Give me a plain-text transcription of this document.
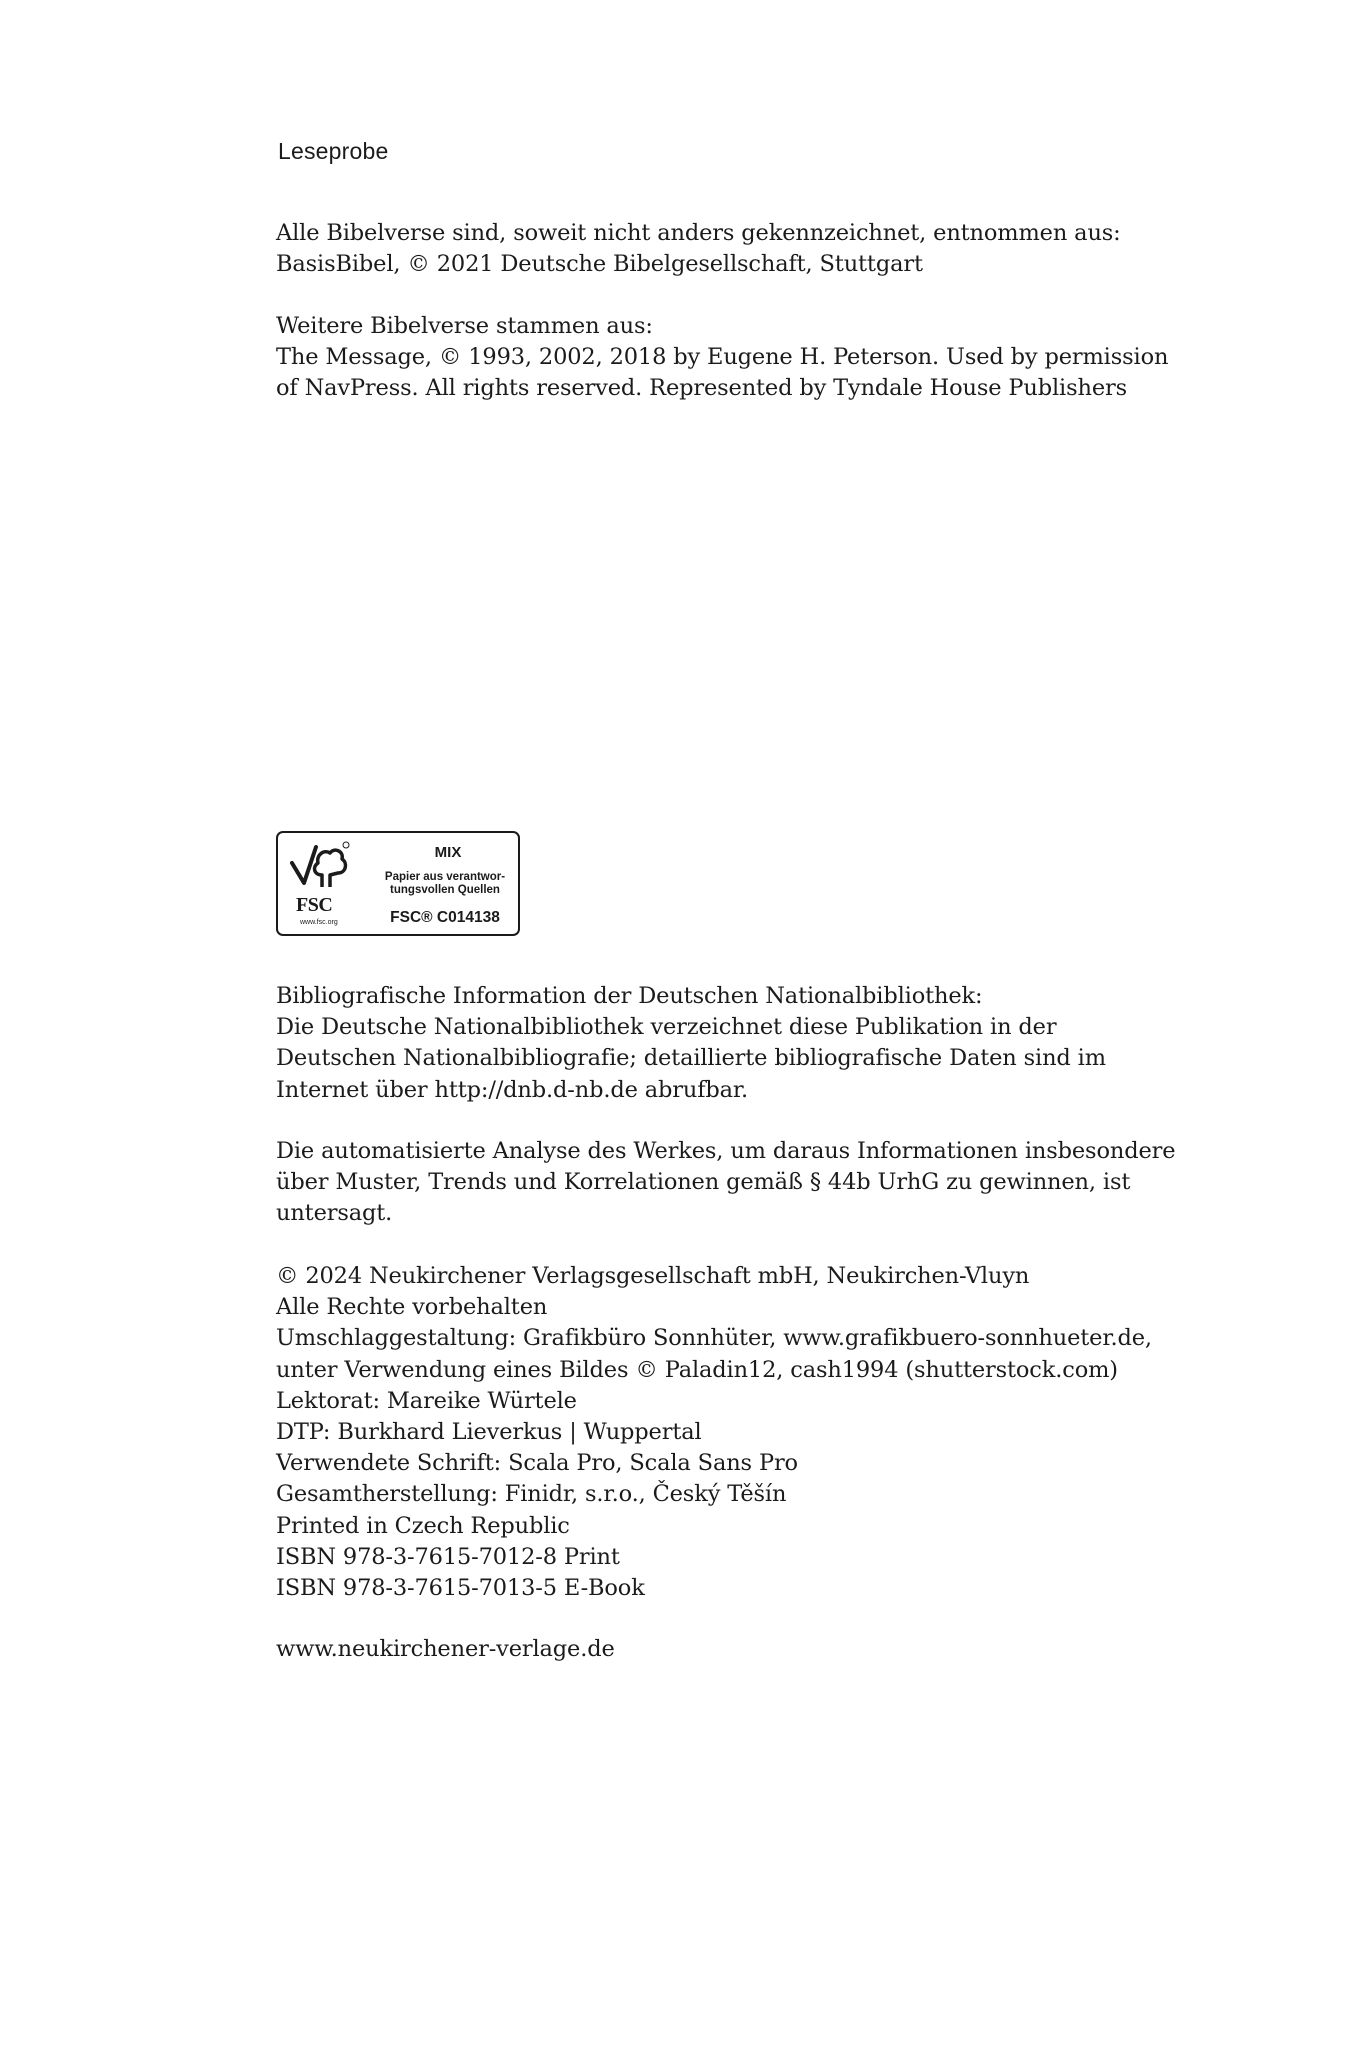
Leseprobe
Alle Bibelverse sind, soweit nicht anders gekennzeichnet, entnommen aus:
BasisBibel, © 2021 Deutsche Bibelgesellschaft, Stuttgart
Weitere Bibelverse stammen aus:
The Message, © 1993, 2002, 2018 by Eugene H. Peterson. Used by permission
of NavPress. All rights reserved. Represented by Tyndale House Publishers
FSC
www.fsc.org
MIX
Papier aus verantwor-
tungsvollen Quellen
FSC® C014138
Bibliografische Information der Deutschen Nationalbibliothek:
Die Deutsche Nationalbibliothek verzeichnet diese Publikation in der
Deutschen Nationalbibliografie; detaillierte bibliografische Daten sind im
Internet über http://dnb.d-nb.de abrufbar.
Die automatisierte Analyse des Werkes, um daraus Informationen insbesondere
über Muster, Trends und Korrelationen gemäß § 44b UrhG zu gewinnen, ist
untersagt.
© 2024 Neukirchener Verlagsgesellschaft mbH, Neukirchen-Vluyn
Alle Rechte vorbehalten
Umschlaggestaltung: Grafikbüro Sonnhüter, www.grafikbuero-sonnhueter.de,
unter Verwendung eines Bildes © Paladin12, cash1994 (shutterstock.com)
Lektorat: Mareike Würtele
DTP: Burkhard Lieverkus | Wuppertal
Verwendete Schrift: Scala Pro, Scala Sans Pro
Gesamtherstellung: Finidr, s.r.o., Český Těšín
Printed in Czech Republic
ISBN 978-3-7615-7012-8 Print
ISBN 978-3-7615-7013-5 E-Book
www.neukirchener-verlage.de
